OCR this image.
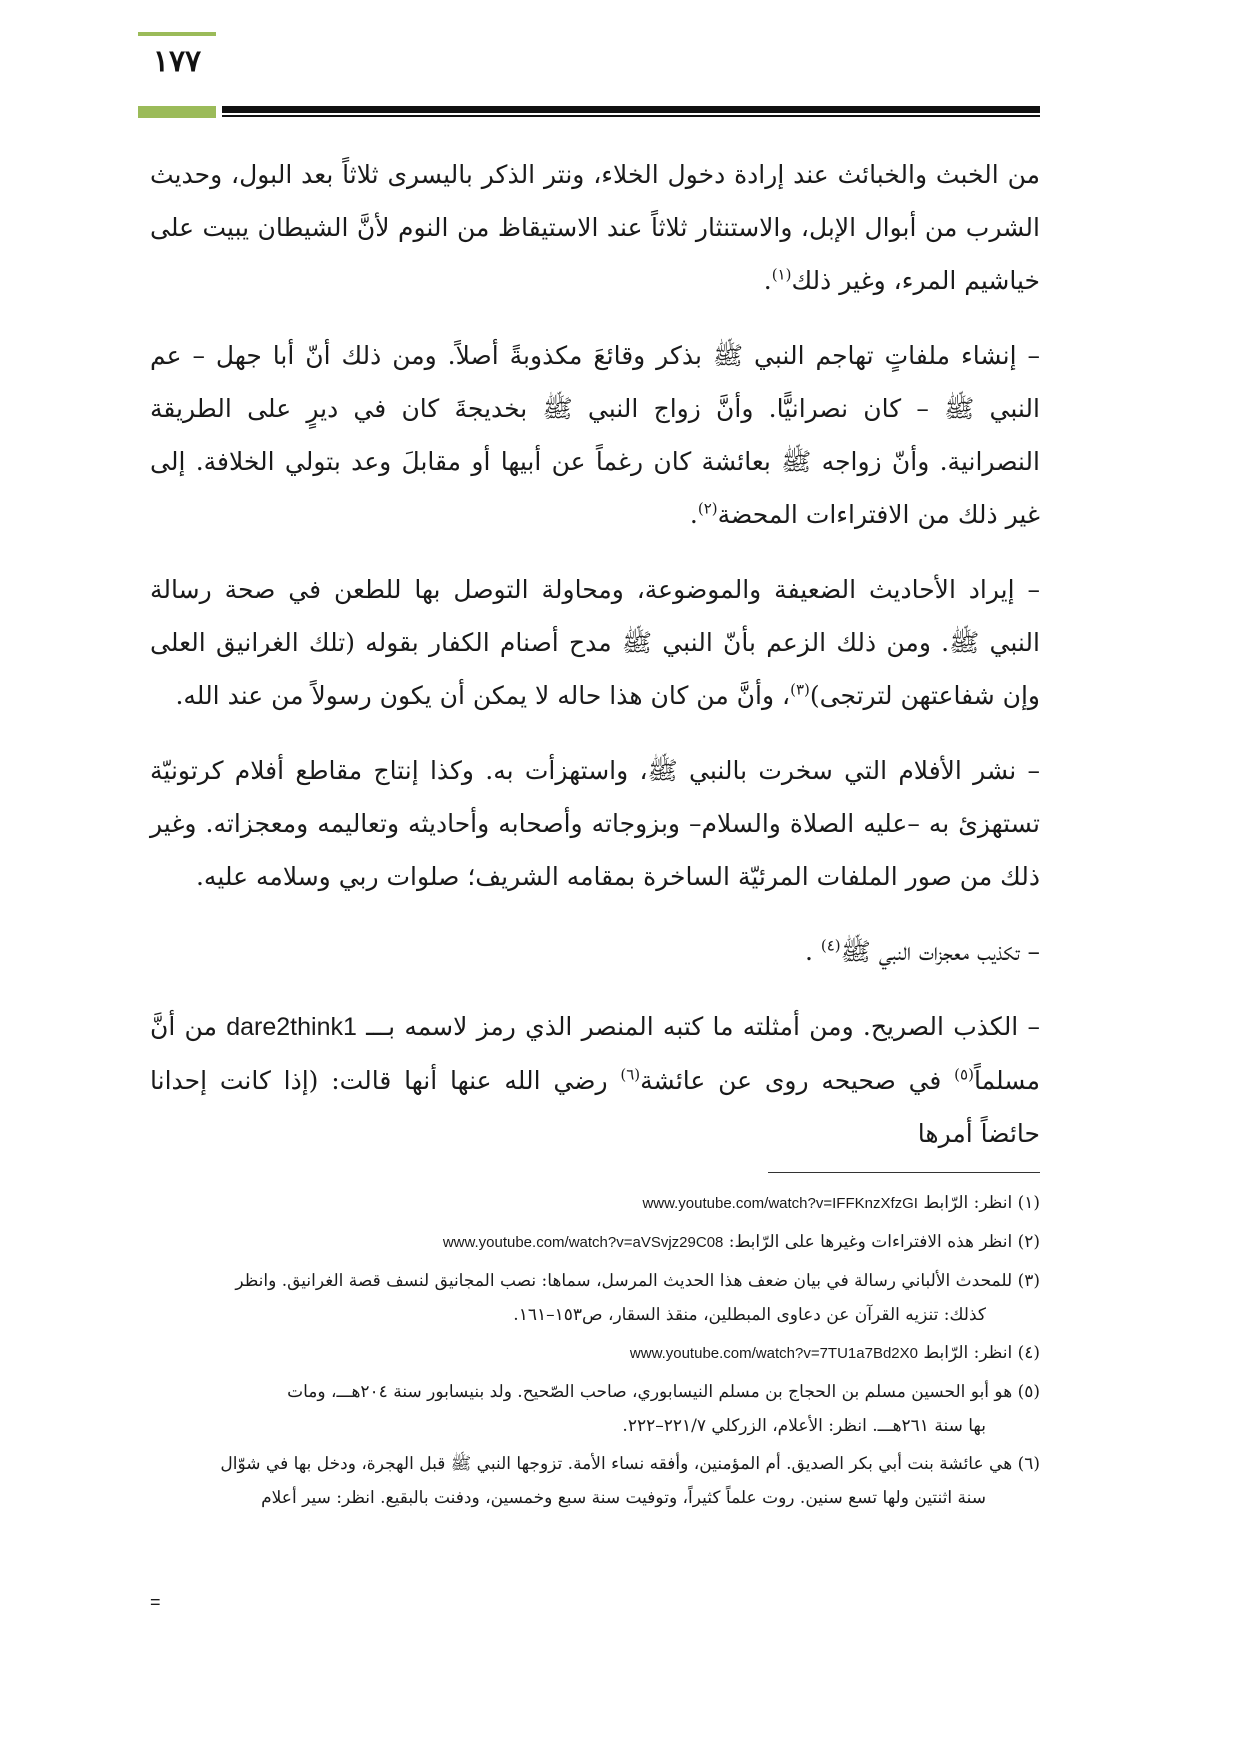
١٧٧

من الخبث والخبائث عند إرادة دخول الخلاء، ونتر الذكر باليسرى ثلاثاً بعد البول، وحديث الشرب من أبوال الإبل، والاستنثار ثلاثاً عند الاستيقاظ من النوم لأنَّ الشيطان يبيت على خياشيم المرء، وغير ذلك$^{(١)}$.

– إنشاء ملفاتٍ تهاجم النبي ﷺ بذكر وقائعَ مكذوبةً أصلاً. ومن ذلك أنّ أبا جهل – عم النبي ﷺ – كان نصرانيًّا. وأنَّ زواج النبي ﷺ بخديجةَ كان في ديرٍ على الطريقة النصرانية. وأنّ زواجه ﷺ بعائشة كان رغماً عن أبيها أو مقابلَ وعد بتولي الخلافة. إلى غير ذلك من الافتراءات المحضة$^{(٢)}$.

– إيراد الأحاديث الضعيفة والموضوعة، ومحاولة التوصل بها للطعن في صحة رسالة النبي ﷺ. ومن ذلك الزعم بأنّ النبي ﷺ مدح أصنام الكفار بقوله (تلك الغرانيق العلى وإن شفاعتهن لترتجى)$^{(٣)}$، وأنَّ من كان هذا حاله لا يمكن أن يكون رسولاً من عند الله.

– نشر الأفلام التي سخرت بالنبي ﷺ، واستهزأت به. وكذا إنتاج مقاطع أفلام كرتونيّة تستهزئ به –عليه الصلاة والسلام– وبزوجاته وأصحابه وأحاديثه وتعاليمه ومعجزاته. وغير ذلك من صور الملفات المرئيّة الساخرة بمقامه الشريف؛ صلوات ربي وسلامه عليه.

– تكذيب معجزات النبي ﷺ$^{(٤)}$ .

– الكذب الصريح. ومن أمثلته ما كتبه المنصر الذي رمز لاسمه بـــ dare2think1 من أنَّ مسلماً$^{(٥)}$ في صحيحه روى عن عائشة$^{(٦)}$ رضي الله عنها أنها قالت: (إذا كانت إحدانا حائضاً أمرها

(١) انظر: الرّابط www.youtube.com/watch?v=IFFKnzXfzGI
(٢) انظر هذه الافتراءات وغيرها على الرّابط: www.youtube.com/watch?v=aVSvjz29C08
(٣) للمحدث الألباني رسالة في بيان ضعف هذا الحديث المرسل، سماها: نصب المجانيق لنسف قصة الغرانيق. وانظر
كذلك: تنزيه القرآن عن دعاوى المبطلين، منقذ السقار، ص١٥٣–١٦١.
(٤) انظر: الرّابط www.youtube.com/watch?v=7TU1a7Bd2X0
(٥) هو أبو الحسين مسلم بن الحجاج بن مسلم النيسابوري، صاحب الصّحيح. ولد بنيسابور سنة ٢٠٤هـــ، ومات
بها سنة ٢٦١هـــ. انظر: الأعلام، الزركلي ٢٢١/٧–٢٢٢.
(٦) هي عائشة بنت أبي بكر الصديق. أم المؤمنين، وأفقه نساء الأمة. تزوجها النبي ﷺ قبل الهجرة، ودخل بها في شوّال
سنة اثنتين ولها تسع سنين. روت علماً كثيراً، وتوفيت سنة سبع وخمسين، ودفنت بالبقيع. انظر: سير أعلام
=
